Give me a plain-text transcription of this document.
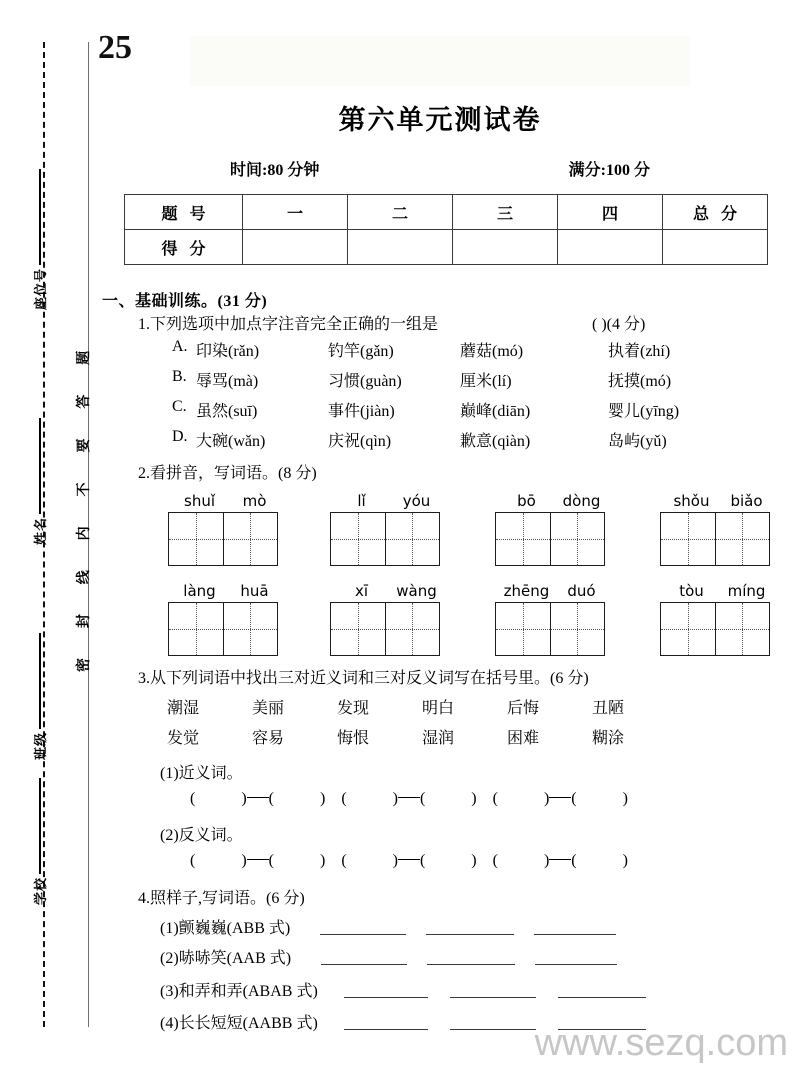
座位号
姓名
班级
学校
密 封 线 内 不 要 答 题
25
第六单元测试卷
时间:80 分钟	满分:100 分
题 号	一	二	三	四	总 分
得 分					
一、基础训练。(31 分)
1.下列选项中加点字注音完全正确的一组是	( )(4 分)
A. 印染(rǎn)	钓竿(gǎn)	蘑菇(mó)	执着(zhí)
B. 辱骂(mà)	习惯(guàn)	厘米(lí)	抚摸(mó)
C. 虽然(suī)	事件(jiàn)	巅峰(diān)	婴儿(yīng)
D. 大碗(wǎn)	庆祝(qìn)	歉意(qiàn)	岛屿(yǔ)
2.看拼音，写词语。(8 分)
shuǐ	mò	lǐ	yóu	bō	dòng	shǒu	biǎo
làng	huā	xī	wàng	zhēng	duó	tòu	míng
3.从下列词语中找出三对近义词和三对反义词写在括号里。(6 分)
潮湿	美丽	发现	明白	后悔	丑陋
发觉	容易	悔恨	湿润	困难	糊涂
(1)近义词。
(	) (	) (	) (	) (	) (	)
(2)反义词。
(	) (	) (	) (	) (	) (	)
4.照样子,写词语。(6 分)
(1)颤巍巍(ABB 式)
(2)哧哧笑(AAB 式)
(3)和弄和弄(ABAB 式)
(4)长长短短(AABB 式)	www.sezq.com
